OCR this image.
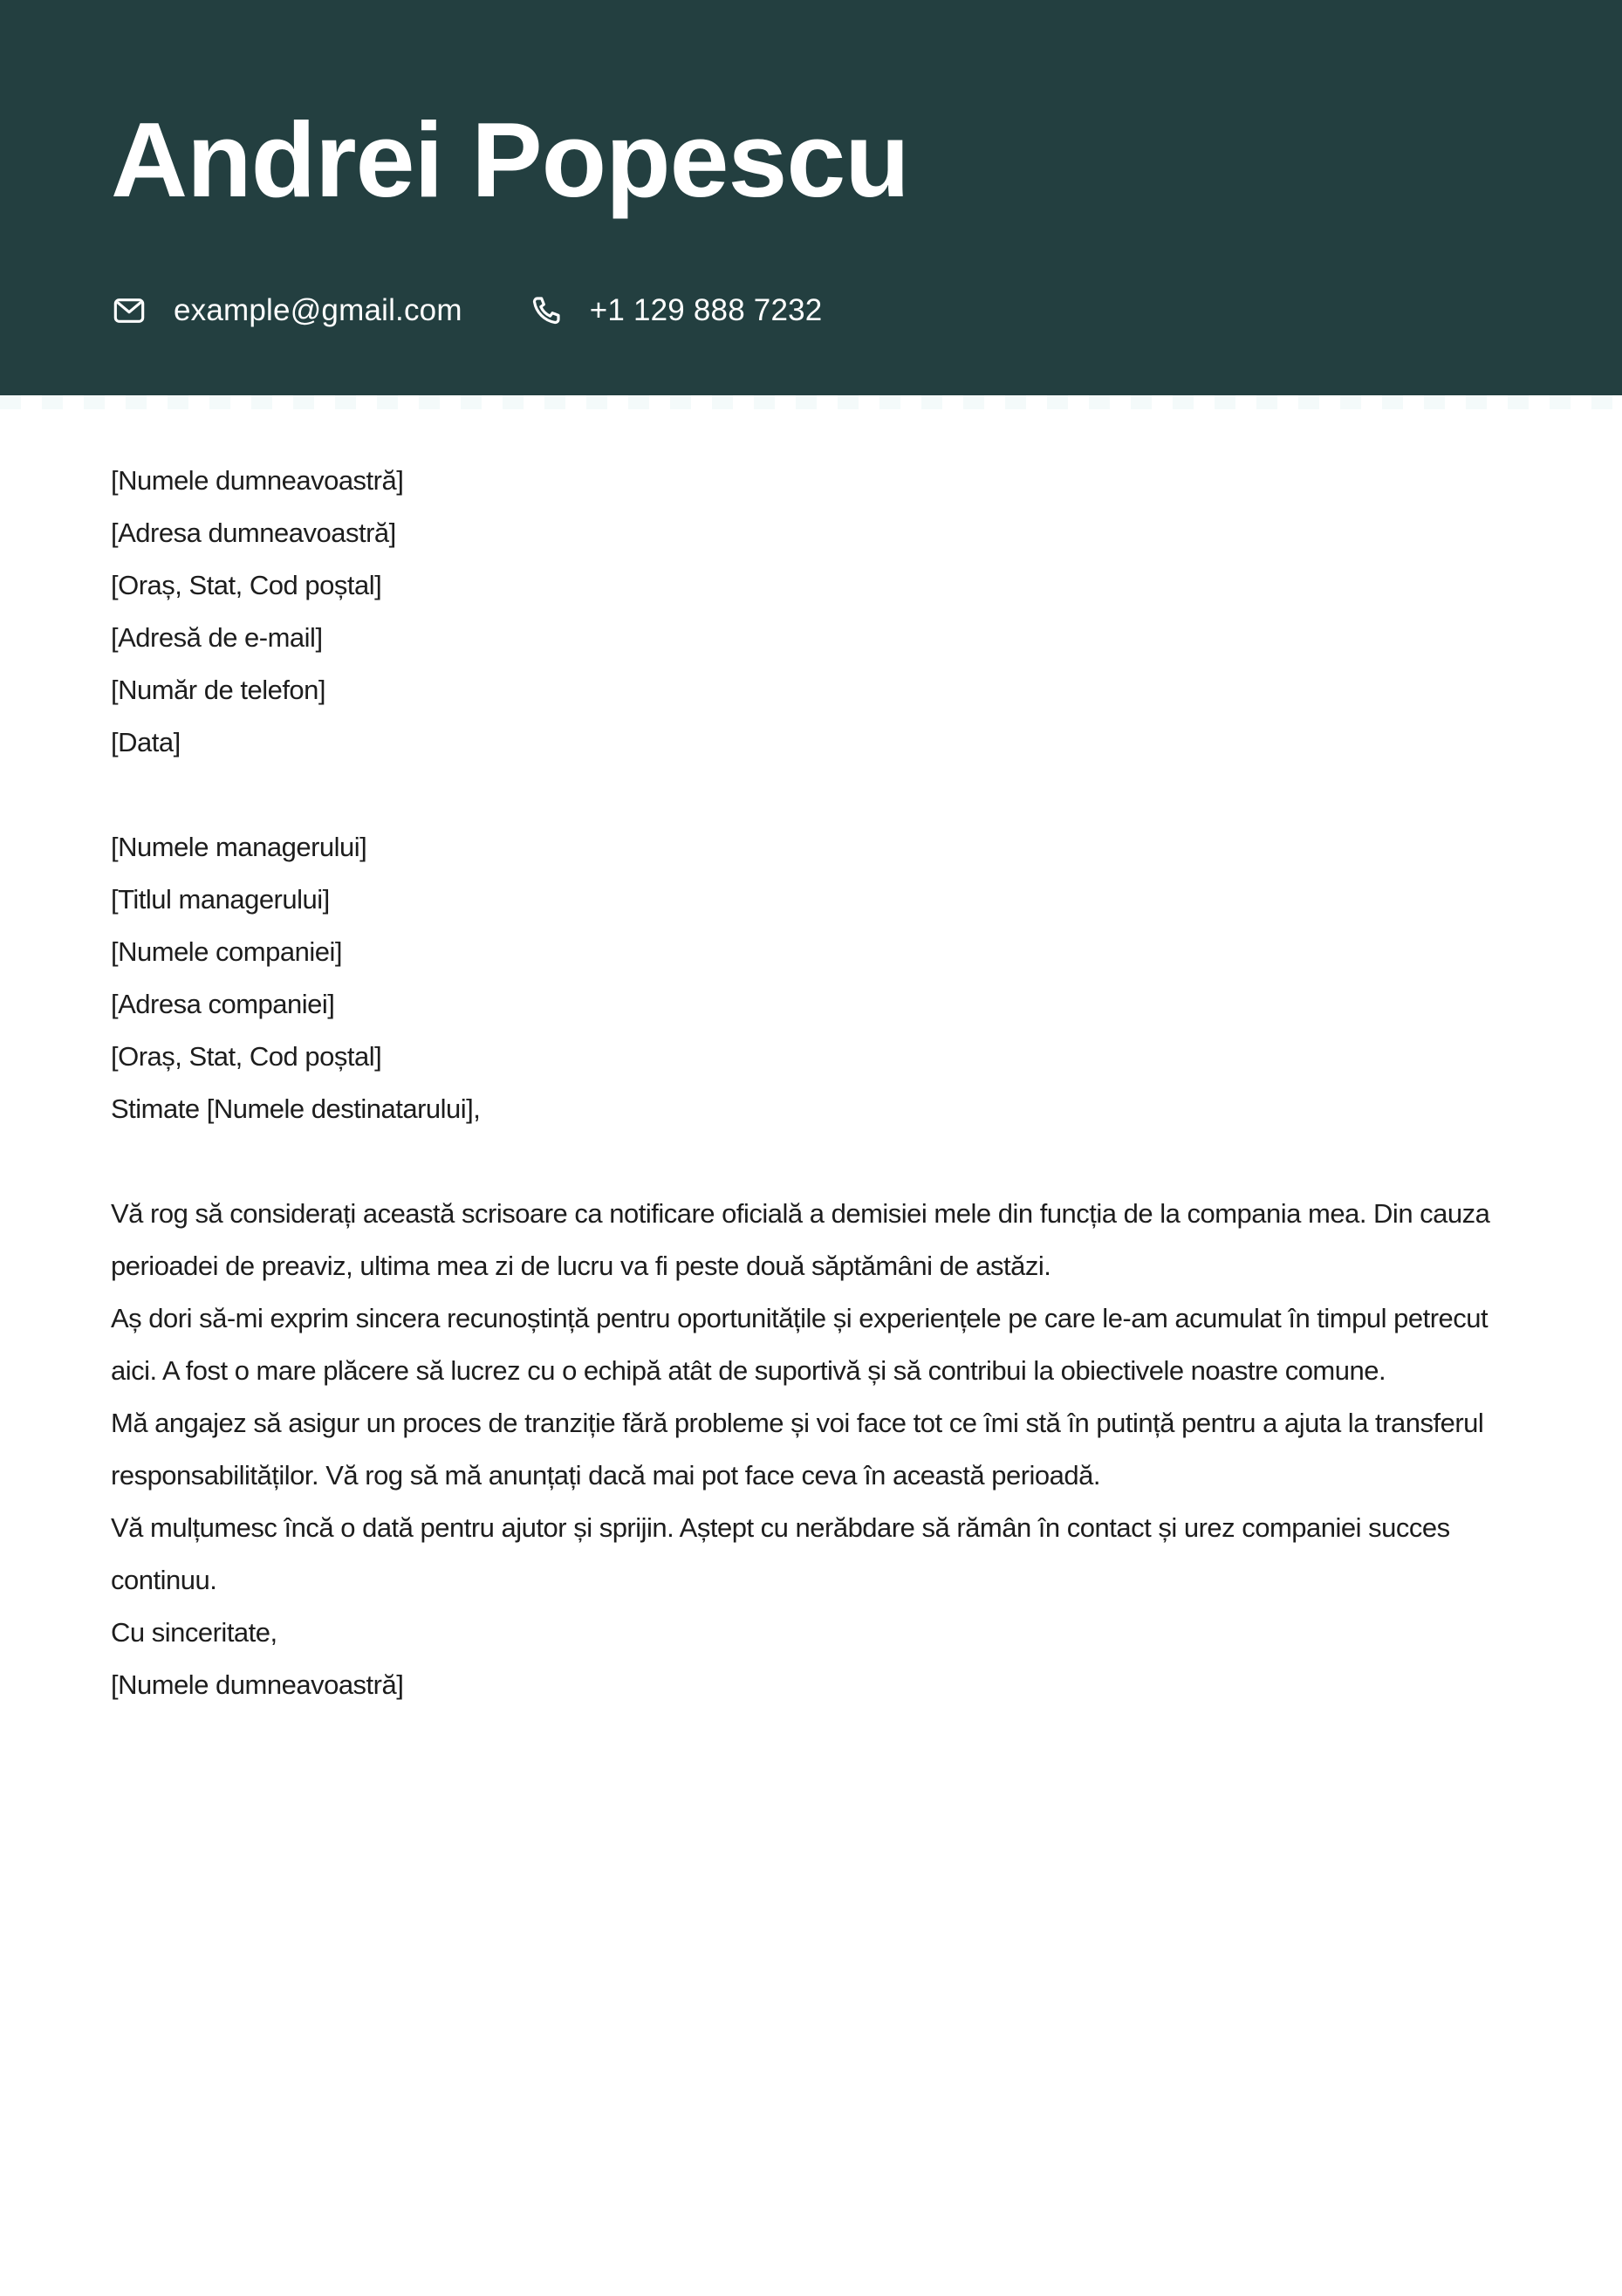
Andrei Popescu
example@gmail.com	+1 129 888 7232
[Numele dumneavoastră]
[Adresa dumneavoastră]
[Oraș, Stat, Cod poștal]
[Adresă de e-mail]
[Număr de telefon]
[Data]
[Numele managerului]
[Titlul managerului]
[Numele companiei]
[Adresa companiei]
[Oraș, Stat, Cod poștal]
Stimate [Numele destinatarului],

Vă rog să considerați această scrisoare ca notificare oficială a demisiei mele din funcția de la compania mea. Din cauza perioadei de preaviz, ultima mea zi de lucru va fi peste două săptămâni de astăzi.

Aș dori să-mi exprim sincera recunoștință pentru oportunitățile și experiențele pe care le-am acumulat în timpul petrecut aici. A fost o mare plăcere să lucrez cu o echipă atât de suportivă și să contribui la obiectivele noastre comune.

Mă angajez să asigur un proces de tranziție fără probleme și voi face tot ce îmi stă în putință pentru a ajuta la transferul responsabilităților. Vă rog să mă anunțați dacă mai pot face ceva în această perioadă.

Vă mulțumesc încă o dată pentru ajutor și sprijin. Aștept cu nerăbdare să rămân în contact și urez companiei succes continuu.

Cu sinceritate,
[Numele dumneavoastră]
